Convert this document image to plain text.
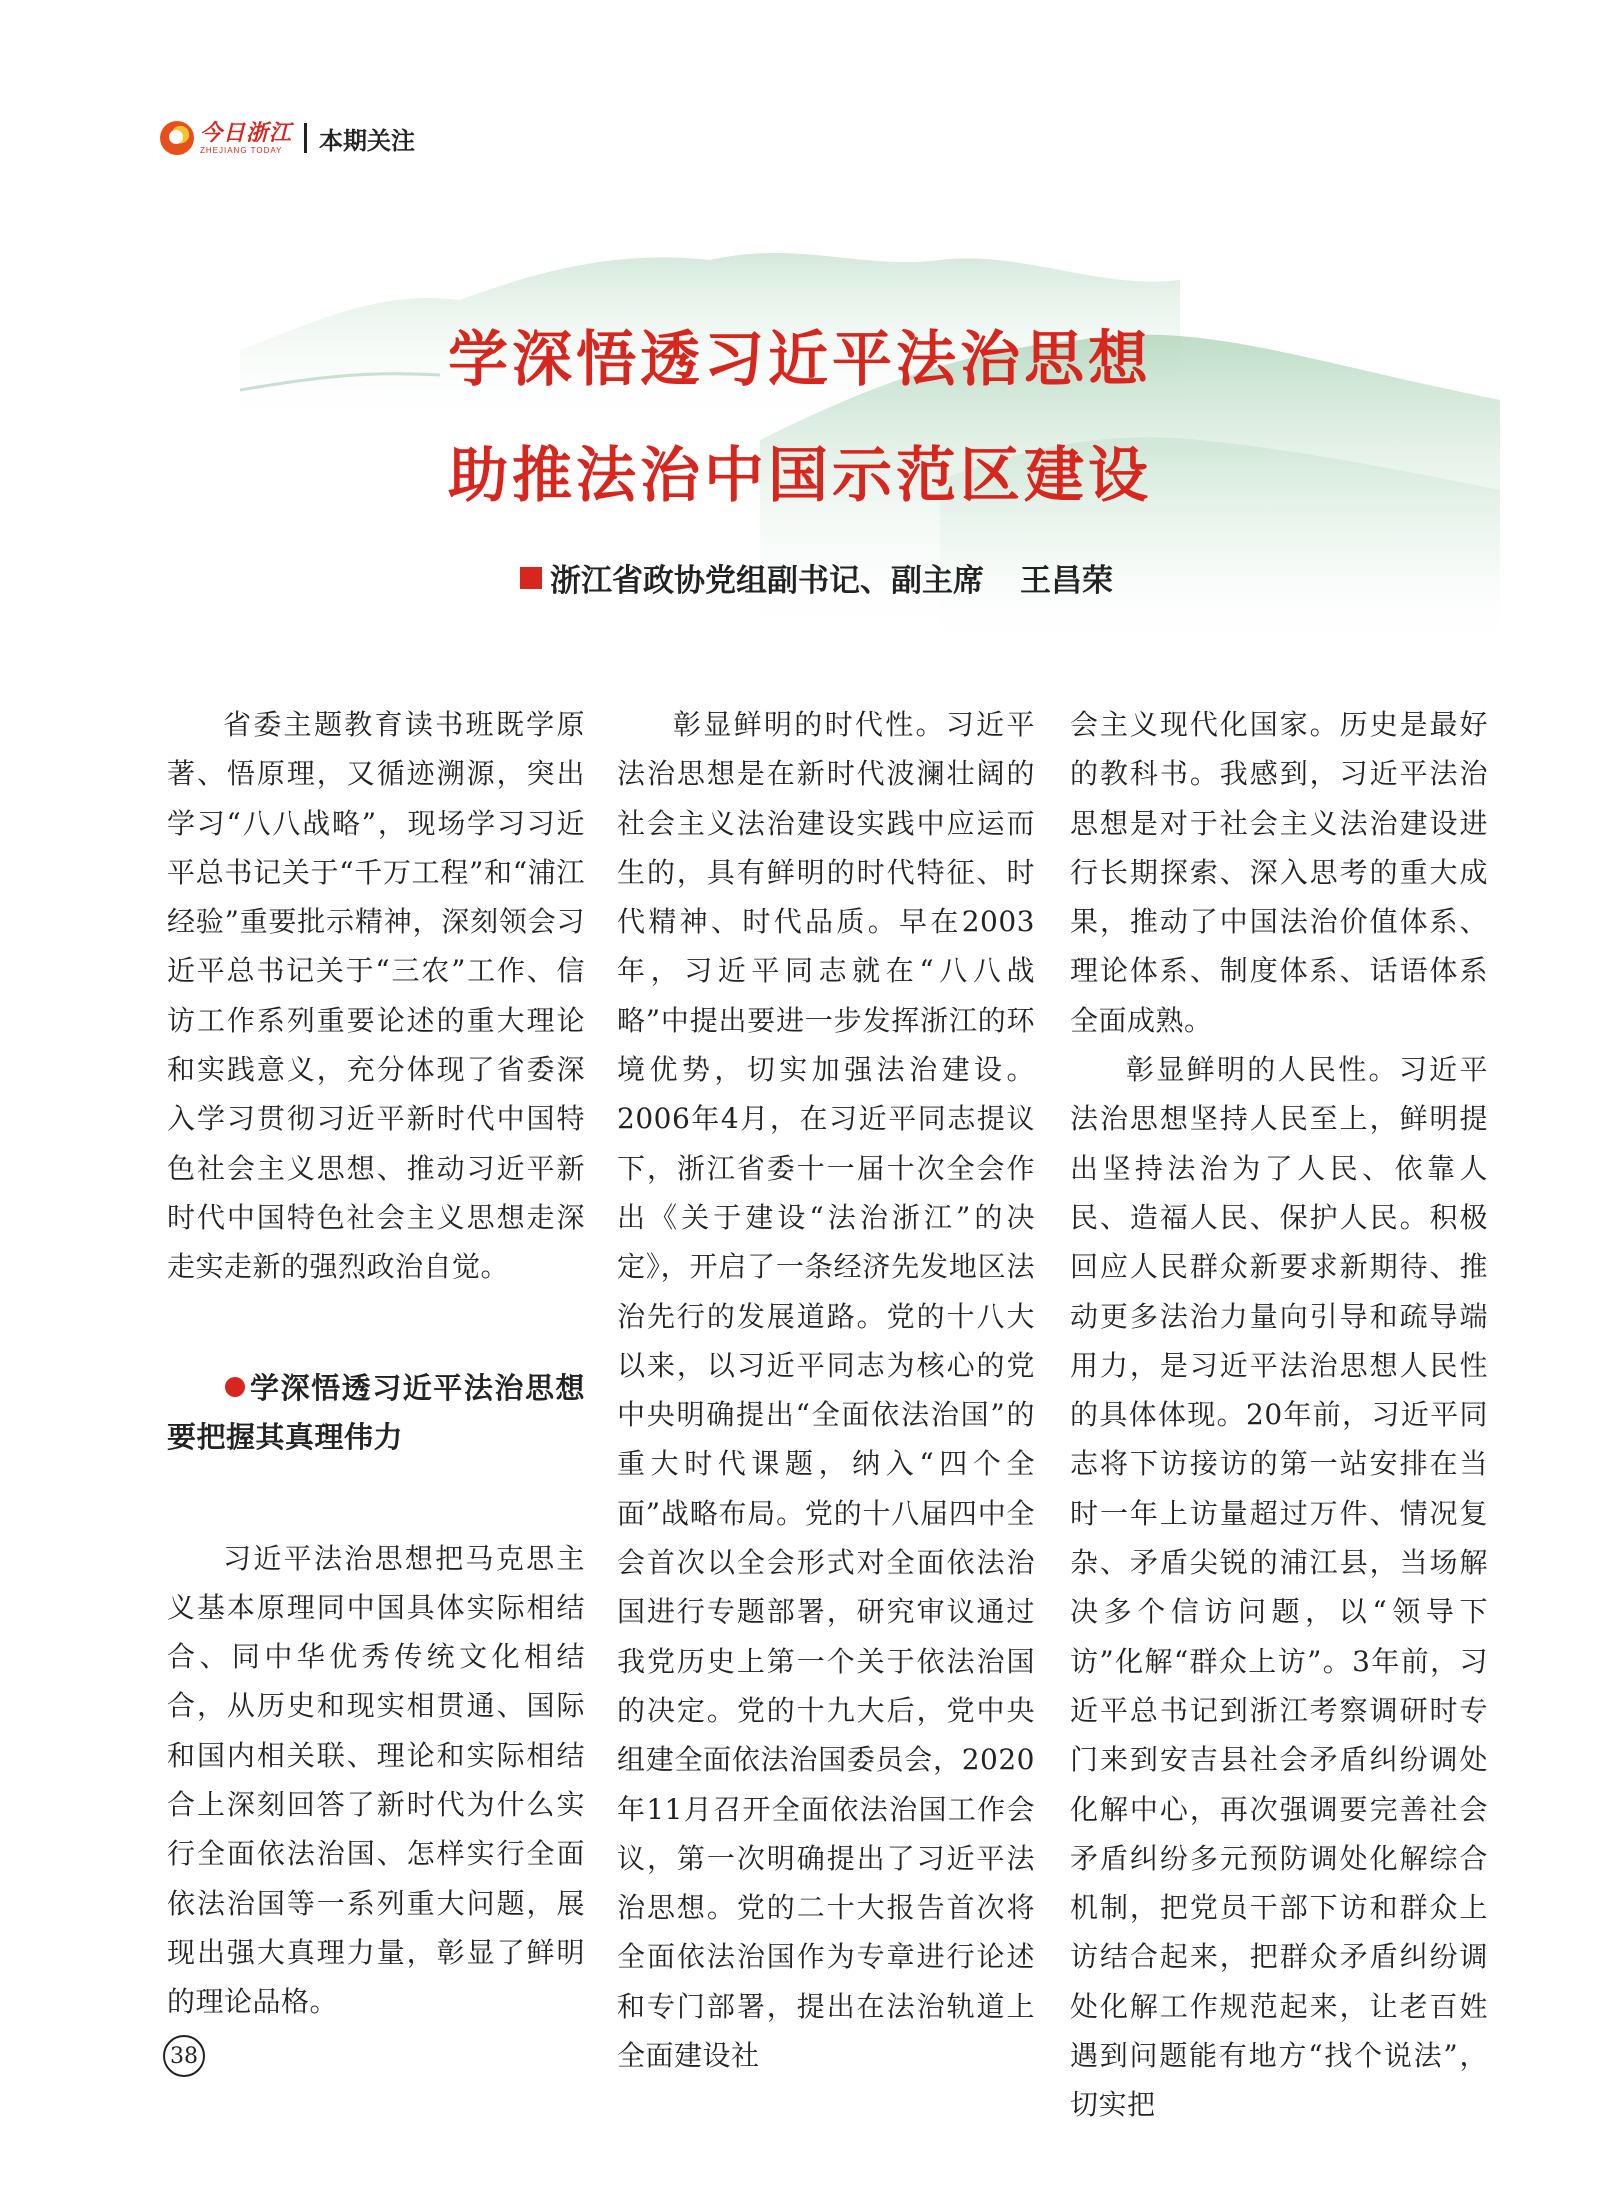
今日浙江
ZHEJIANG TODAY	本期关注
学深悟透习近平法治思想
助推法治中国示范区建设
浙江省政协党组副书记、副主席 王昌荣

省委主题教育读书班既学原著、悟原理，又循迹溯源，突出学习“八八战略”，现场学习习近平总书记关于“千万工程”和“浦江经验”重要批示精神，深刻领会习近平总书记关于“三农”工作、信访工作系列重要论述的重大理论和实践意义，充分体现了省委深入学习贯彻习近平新时代中国特色社会主义思想、推动习近平新时代中国特色社会主义思想走深走实走新的强烈政治自觉。

学深悟透习近平法治思想要把握其真理伟力

习近平法治思想把马克思主义基本原理同中国具体实际相结合、同中华优秀传统文化相结合，从历史和现实相贯通、国际和国内相关联、理论和实际相结合上深刻回答了新时代为什么实行全面依法治国、怎样实行全面依法治国等一系列重大问题，展现出强大真理力量，彰显了鲜明的理论品格。

彰显鲜明的时代性。习近平法治思想是在新时代波澜壮阔的社会主义法治建设实践中应运而生的，具有鲜明的时代特征、时代精神、时代品质。早在2003年，习近平同志就在“八八战略”中提出要进一步发挥浙江的环境优势，切实加强法治建设。2006年4月，在习近平同志提议下，浙江省委十一届十次全会作出《关于建设“法治浙江”的决定》，开启了一条经济先发地区法治先行的发展道路。党的十八大以来，以习近平同志为核心的党中央明确提出“全面依法治国”的重大时代课题，纳入“四个全面”战略布局。党的十八届四中全会首次以全会形式对全面依法治国进行专题部署，研究审议通过我党历史上第一个关于依法治国的决定。党的十九大后，党中央组建全面依法治国委员会，2020年11月召开全面依法治国工作会议，第一次明确提出了习近平法治思想。党的二十大报告首次将全面依法治国作为专章进行论述和专门部署，提出在法治轨道上全面建设社

会主义现代化国家。历史是最好的教科书。我感到，习近平法治思想是对于社会主义法治建设进行长期探索、深入思考的重大成果，推动了中国法治价值体系、理论体系、制度体系、话语体系全面成熟。

彰显鲜明的人民性。习近平法治思想坚持人民至上，鲜明提出坚持法治为了人民、依靠人民、造福人民、保护人民。积极回应人民群众新要求新期待、推动更多法治力量向引导和疏导端用力，是习近平法治思想人民性的具体体现。20年前，习近平同志将下访接访的第一站安排在当时一年上访量超过万件、情况复杂、矛盾尖锐的浦江县，当场解决多个信访问题，以“领导下访”化解“群众上访”。3年前，习近平总书记到浙江考察调研时专门来到安吉县社会矛盾纠纷调处化解中心，再次强调要完善社会矛盾纠纷多元预防调处化解综合机制，把党员干部下访和群众上访结合起来，把群众矛盾纠纷调处化解工作规范起来，让老百姓遇到问题能有地方“找个说法”，切实把

38
